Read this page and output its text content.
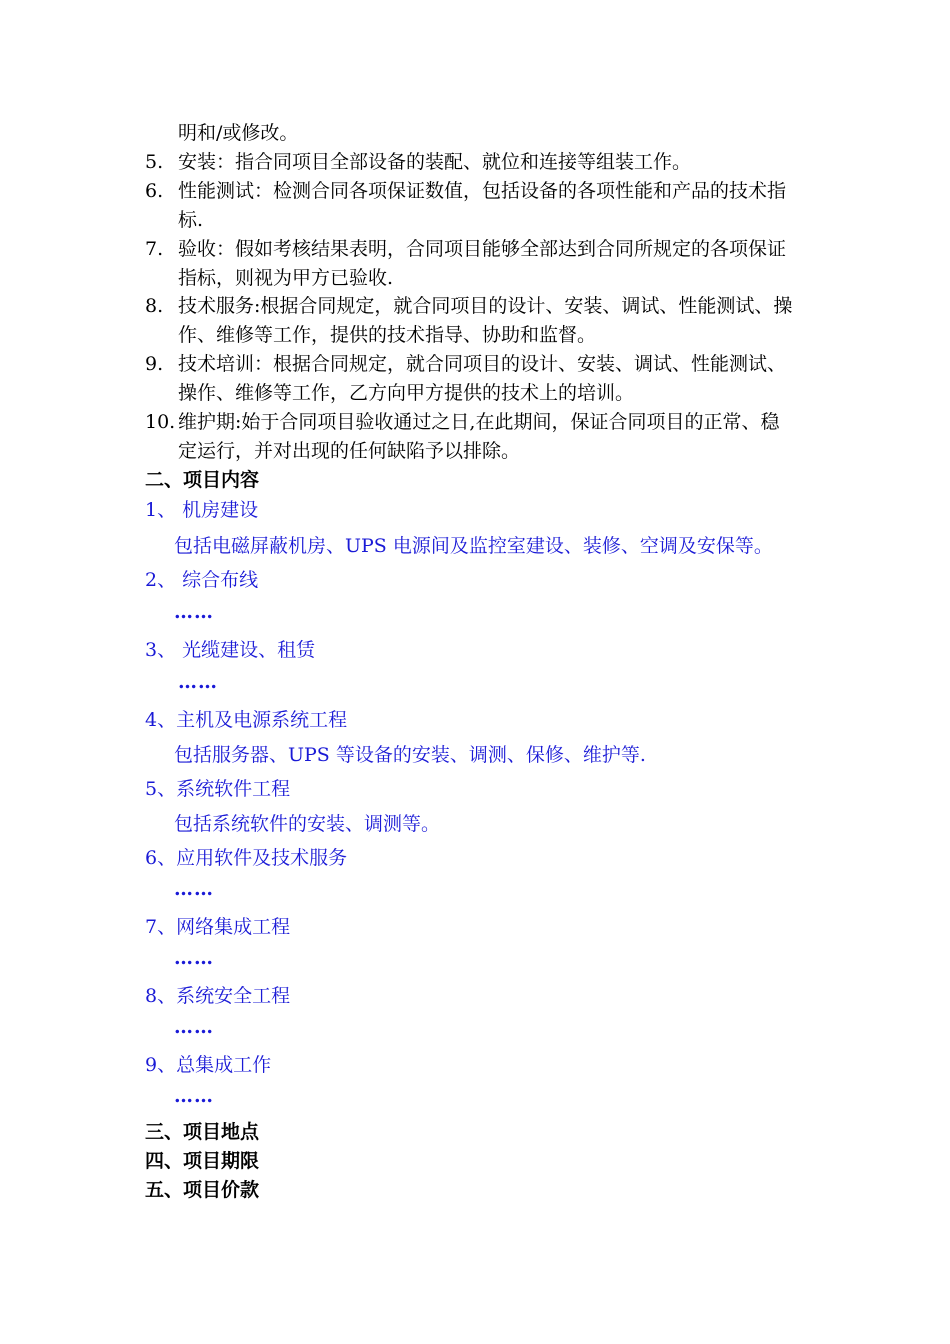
明和/或修改。
5. 安装：指合同项目全部设备的装配、就位和连接等组装工作。
6. 性能测试：检测合同各项保证数值，包括设备的各项性能和产品的技术指
标.
7. 验收：假如考核结果表明，合同项目能够全部达到合同所规定的各项保证
指标，则视为甲方已验收.
8. 技术服务:根据合同规定，就合同项目的设计、安装、调试、性能测试、操
作、维修等工作，提供的技术指导、协助和监督。
9. 技术培训：根据合同规定，就合同项目的设计、安装、调试、性能测试、
操作、维修等工作，乙方向甲方提供的技术上的培训。
10. 维护期:始于合同项目验收通过之日,在此期间，保证合同项目的正常、稳
定运行，并对出现的任何缺陷予以排除。
二、项目内容
1、 机房建设
包括电磁屏蔽机房、UPS 电源间及监控室建设、装修、空调及安保等。
2、 综合布线
……
3、 光缆建设、租赁
……
4、主机及电源系统工程
包括服务器、UPS 等设备的安装、调测、保修、维护等.
5、系统软件工程
包括系统软件的安装、调测等。
6、应用软件及技术服务
……
7、网络集成工程
……
8、系统安全工程
……
9、总集成工作
……
三、项目地点
四、项目期限
五、项目价款
